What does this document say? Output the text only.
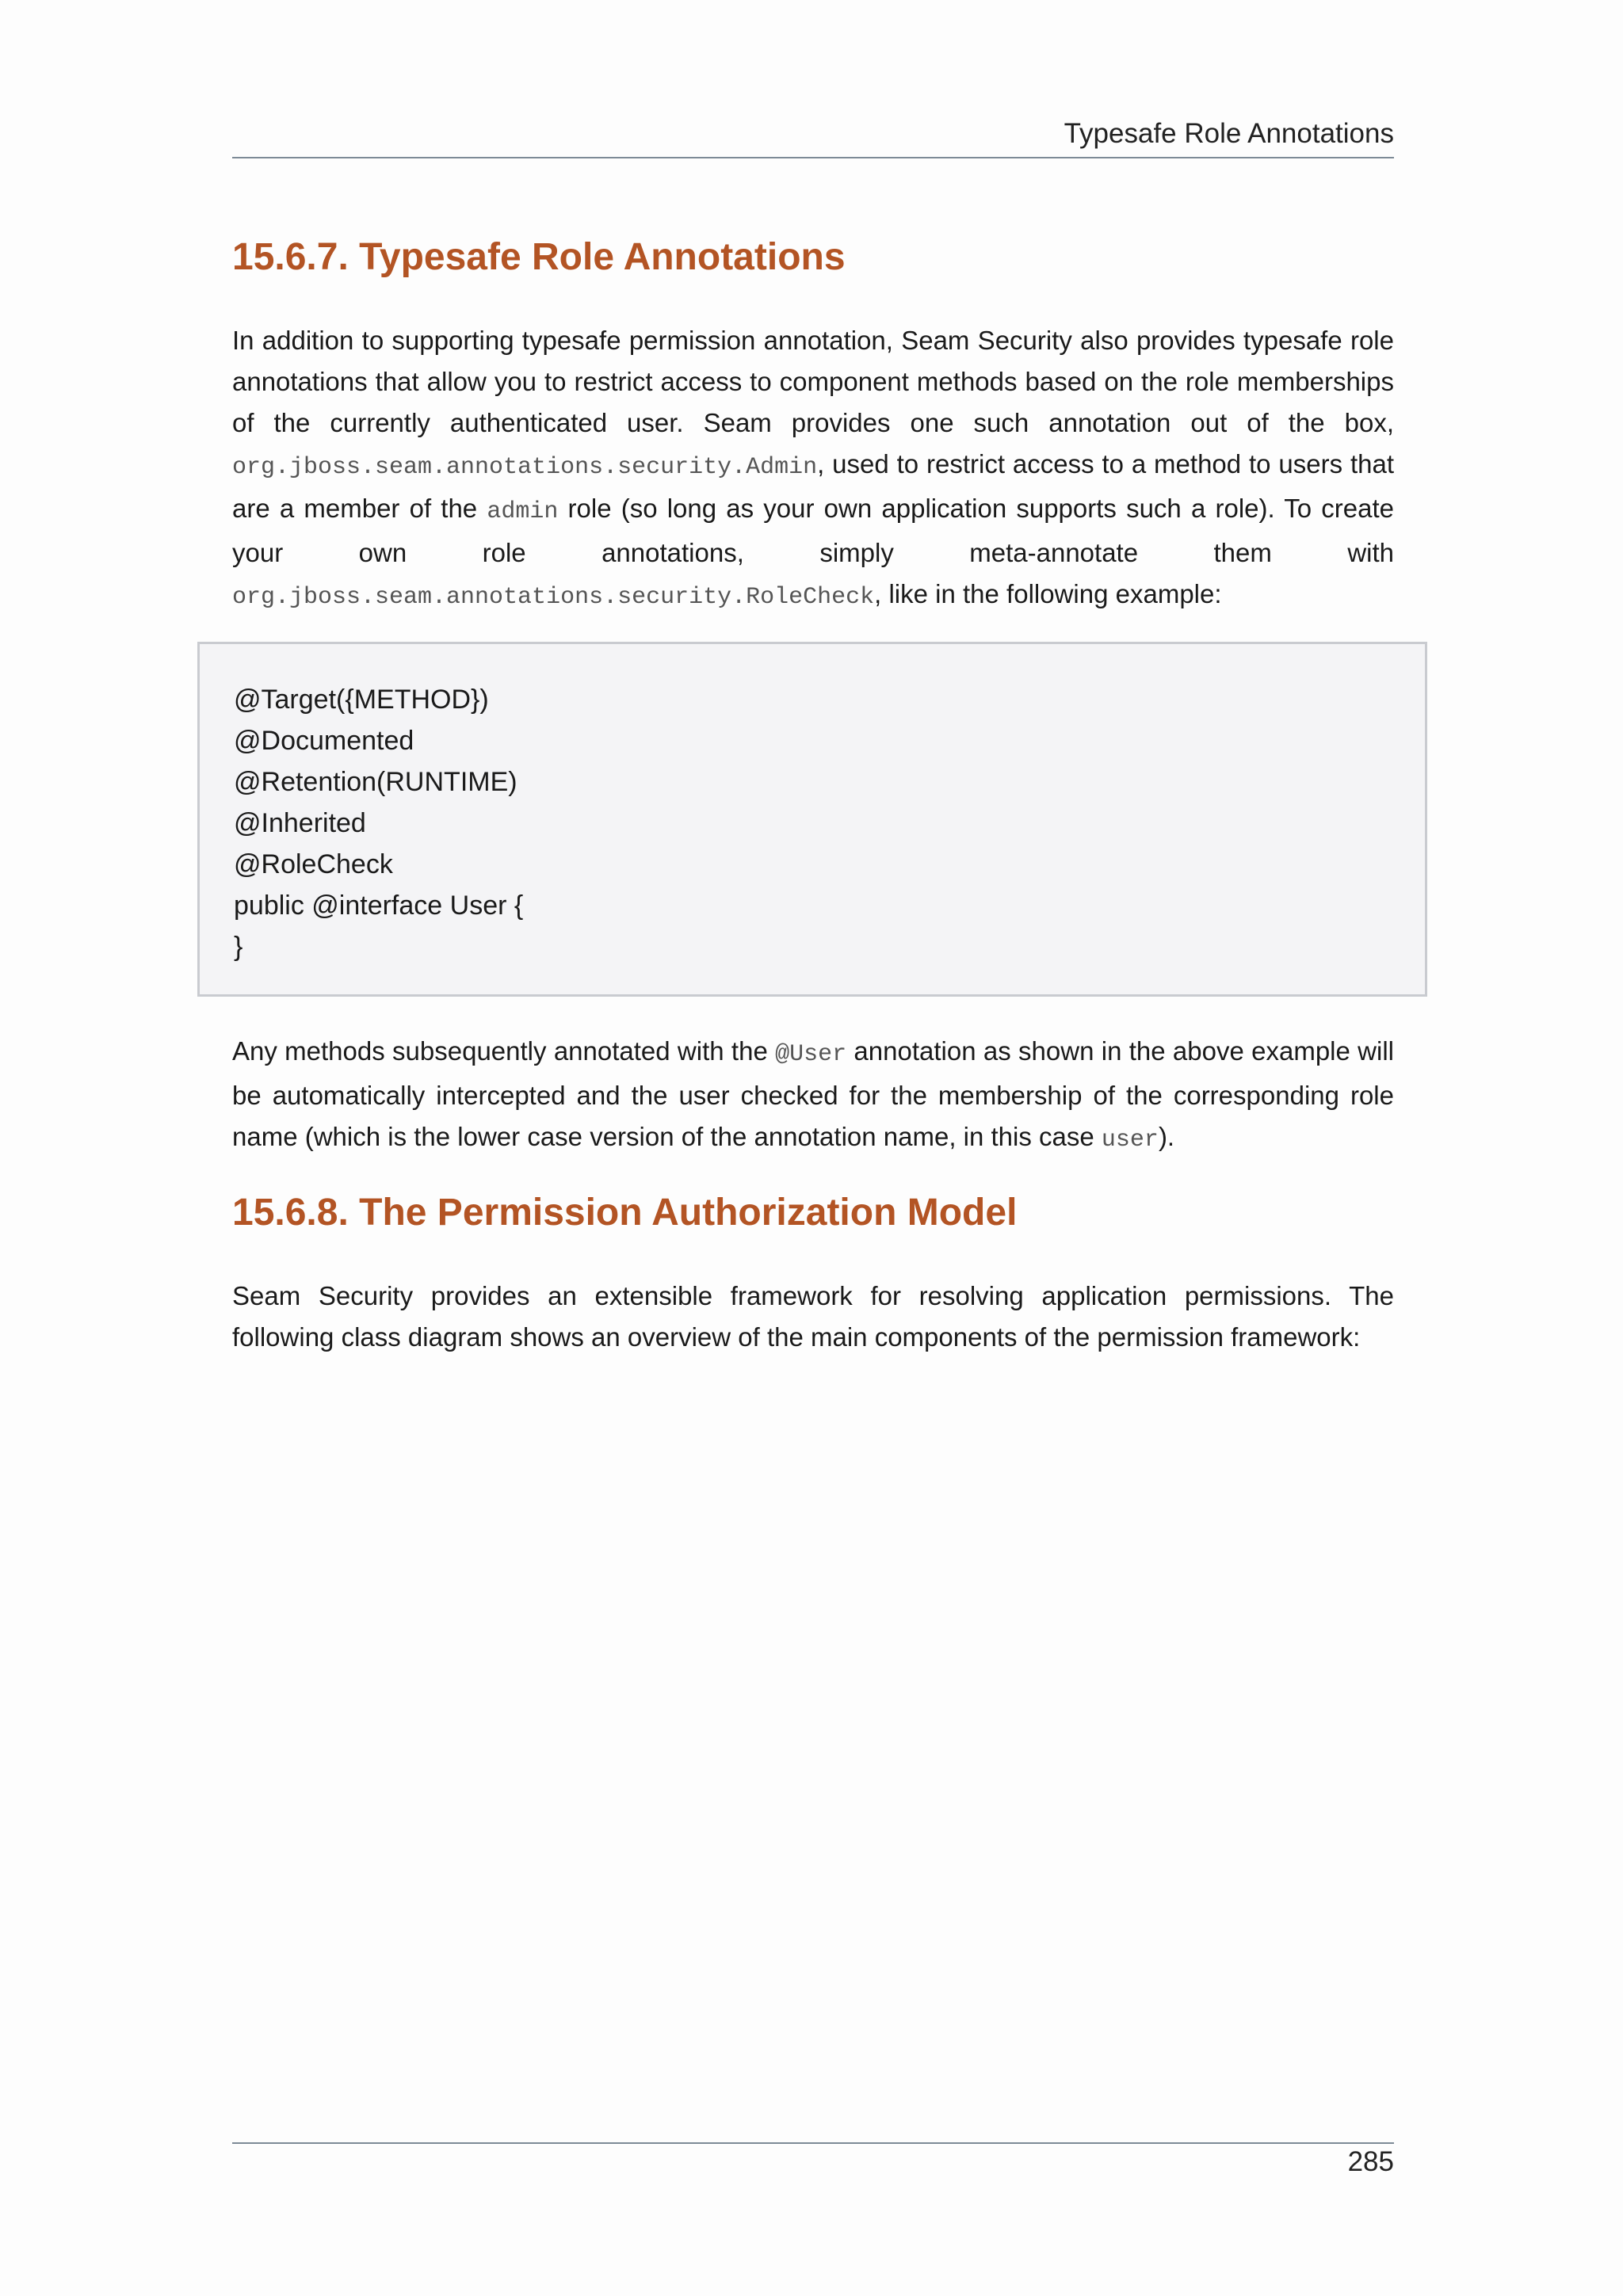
Typesafe Role Annotations
15.6.7. Typesafe Role Annotations

In addition to supporting typesafe permission annotation, Seam Security also provides typesafe role annotations that allow you to restrict access to component methods based on the role memberships of the currently authenticated user. Seam provides one such annotation out of the box, org.jboss.seam.annotations.security.Admin, used to restrict access to a method to users that are a member of the admin role (so long as your own application supports such a role). To create your own role annotations, simply meta-annotate them with org.jboss.seam.annotations.security.RoleCheck, like in the following example:

@Target({METHOD})
@Documented
@Retention(RUNTIME)
@Inherited
@RoleCheck
public @interface User {
}

Any methods subsequently annotated with the @User annotation as shown in the above example will be automatically intercepted and the user checked for the membership of the corresponding role name (which is the lower case version of the annotation name, in this case user).

15.6.8. The Permission Authorization Model

Seam Security provides an extensible framework for resolving application permissions. The following class diagram shows an overview of the main components of the permission framework:

285
